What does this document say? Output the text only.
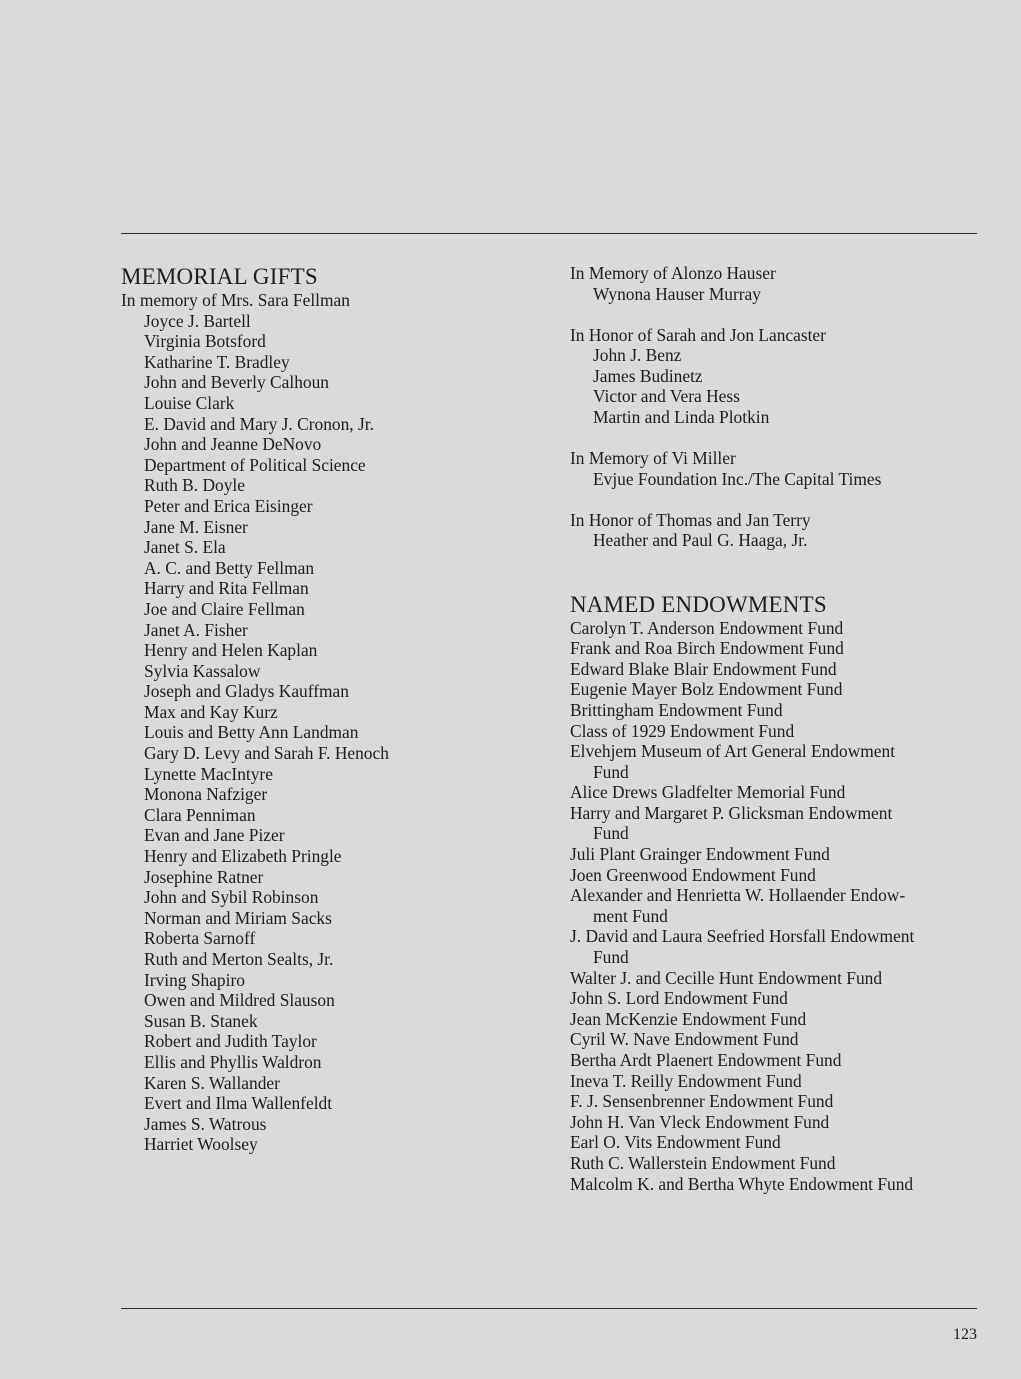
MEMORIAL GIFTS
In memory of Mrs. Sara Fellman
Joyce J. Bartell
Virginia Botsford
Katharine T. Bradley
John and Beverly Calhoun
Louise Clark
E. David and Mary J. Cronon, Jr.
John and Jeanne DeNovo
Department of Political Science
Ruth B. Doyle
Peter and Erica Eisinger
Jane M. Eisner
Janet S. Ela
A. C. and Betty Fellman
Harry and Rita Fellman
Joe and Claire Fellman
Janet A. Fisher
Henry and Helen Kaplan
Sylvia Kassalow
Joseph and Gladys Kauffman
Max and Kay Kurz
Louis and Betty Ann Landman
Gary D. Levy and Sarah F. Henoch
Lynette MacIntyre
Monona Nafziger
Clara Penniman
Evan and Jane Pizer
Henry and Elizabeth Pringle
Josephine Ratner
John and Sybil Robinson
Norman and Miriam Sacks
Roberta Sarnoff
Ruth and Merton Sealts, Jr.
Irving Shapiro
Owen and Mildred Slauson
Susan B. Stanek
Robert and Judith Taylor
Ellis and Phyllis Waldron
Karen S. Wallander
Evert and Ilma Wallenfeldt
James S. Watrous
Harriet Woolsey
In Memory of Alonzo Hauser
Wynona Hauser Murray
In Honor of Sarah and Jon Lancaster
John J. Benz
James Budinetz
Victor and Vera Hess
Martin and Linda Plotkin
In Memory of Vi Miller
Evjue Foundation Inc./The Capital Times
In Honor of Thomas and Jan Terry
Heather and Paul G. Haaga, Jr.
NAMED ENDOWMENTS
Carolyn T. Anderson Endowment Fund
Frank and Roa Birch Endowment Fund
Edward Blake Blair Endowment Fund
Eugenie Mayer Bolz Endowment Fund
Brittingham Endowment Fund
Class of 1929 Endowment Fund
Elvehjem Museum of Art General Endowment
Fund
Alice Drews Gladfelter Memorial Fund
Harry and Margaret P. Glicksman Endowment
Fund
Juli Plant Grainger Endowment Fund
Joen Greenwood Endowment Fund
Alexander and Henrietta W. Hollaender Endow-
ment Fund
J. David and Laura Seefried Horsfall Endowment
Fund
Walter J. and Cecille Hunt Endowment Fund
John S. Lord Endowment Fund
Jean McKenzie Endowment Fund
Cyril W. Nave Endowment Fund
Bertha Ardt Plaenert Endowment Fund
Ineva T. Reilly Endowment Fund
F. J. Sensenbrenner Endowment Fund
John H. Van Vleck Endowment Fund
Earl O. Vits Endowment Fund
Ruth C. Wallerstein Endowment Fund
Malcolm K. and Bertha Whyte Endowment Fund
123
